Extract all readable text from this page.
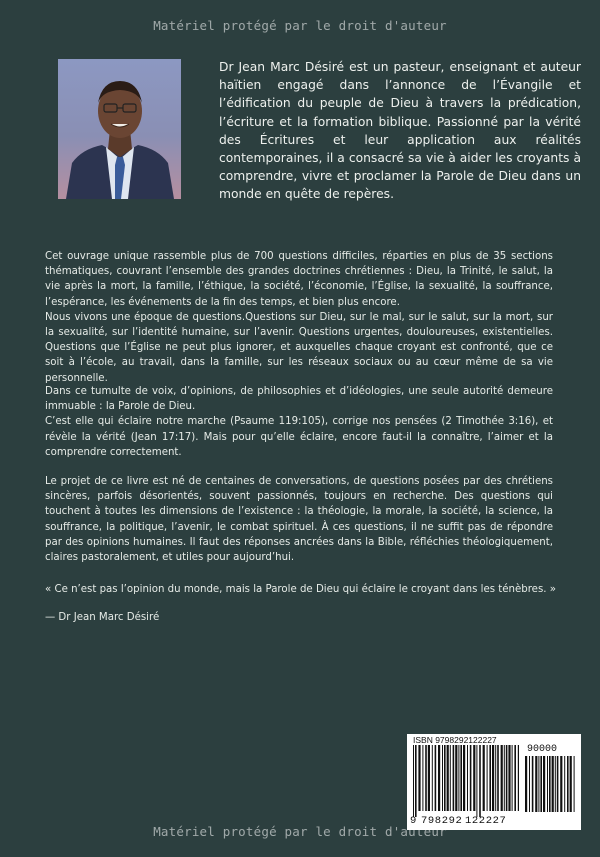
Matériel protégé par le droit d'auteur
Dr Jean Marc Désiré est un pasteur, enseignant et auteur haïtien engagé dans l’annonce de l’Évangile et l’édification du peuple de Dieu à travers la prédication, l’écriture et la formation biblique. Passionné par la vérité des Écritures et leur application aux réalités contemporaines, il a consacré sa vie à aider les croyants à comprendre, vivre et proclamer la Parole de Dieu dans un monde en quête de repères.

Cet ouvrage unique rassemble plus de 700 questions difficiles, réparties en plus de 35 sections thématiques, couvrant l’ensemble des grandes doctrines chrétiennes : Dieu, la Trinité, le salut, la vie après la mort, la famille, l’éthique, la société, l’économie, l’Église, la sexualité, la souffrance, l’espérance, les événements de la fin des temps, et bien plus encore.

Nous vivons une époque de questions.Questions sur Dieu, sur le mal, sur le salut, sur la mort, sur la sexualité, sur l’identité humaine, sur l’avenir. Questions urgentes, douloureuses, existentielles. Questions que l’Église ne peut plus ignorer, et auxquelles chaque croyant est confronté, que ce soit à l’école, au travail, dans la famille, sur les réseaux sociaux ou au cœur même de sa vie personnelle.

Dans ce tumulte de voix, d’opinions, de philosophies et d’idéologies, une seule autorité demeure immuable : la Parole de Dieu.

C’est elle qui éclaire notre marche (Psaume 119:105), corrige nos pensées (2 Timothée 3:16), et révèle la vérité (Jean 17:17). Mais pour qu’elle éclaire, encore faut-il la connaître, l’aimer et la comprendre correctement.

Le projet de ce livre est né de centaines de conversations, de questions posées par des chrétiens sincères, parfois désorientés, souvent passionnés, toujours en recherche. Des questions qui touchent à toutes les dimensions de l’existence : la théologie, la morale, la société, la science, la souffrance, la politique, l’avenir, le combat spirituel. À ces questions, il ne suffit pas de répondre par des opinions humaines. Il faut des réponses ancrées dans la Bible, réfléchies théologiquement, claires pastoralement, et utiles pour aujourd’hui.

« Ce n’est pas l’opinion du monde, mais la Parole de Dieu qui éclaire le croyant dans les ténèbres. »
— Dr Jean Marc Désiré
ISBN 9798292122227
90000
9 798292 122227
Matériel protégé par le droit d'auteur
